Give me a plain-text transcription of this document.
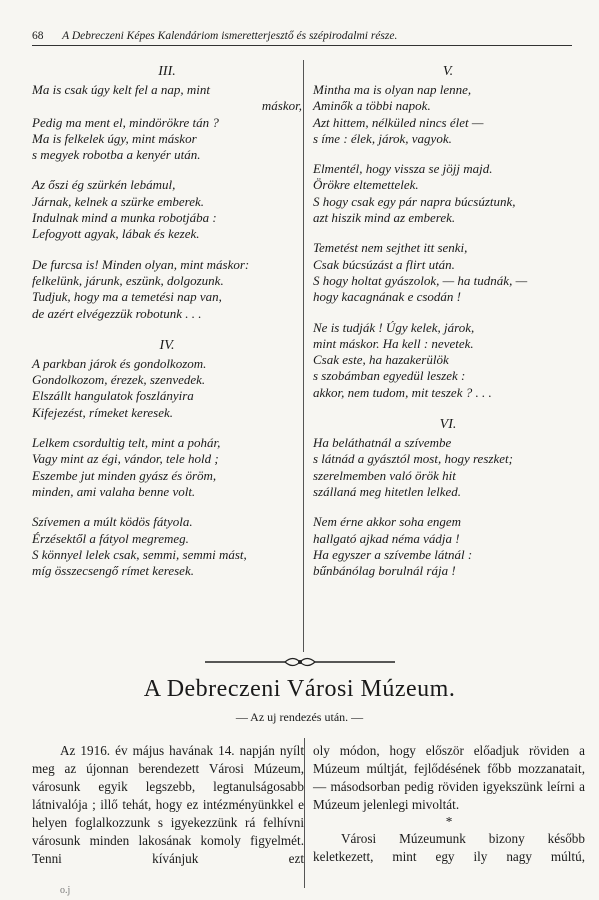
68 A Debreczeni Képes Kalendáriom ismeretterjesztő és szépirodalmi része.
III.
Ma is csak úgy kelt fel a nap, mint
máskor,
Pedig ma ment el, mindörökre tán ?
Ma is felkelek úgy, mint máskor
s megyek robotba a kenyér után.
Az őszi ég szürkén lebámul,
Járnak, kelnek a szürke emberek.
Indulnak mind a munka robotjába :
Lefogyott agyak, lábak és kezek.
De furcsa is! Minden olyan, mint máskor:
felkelünk, járunk, eszünk, dolgozunk.
Tudjuk, hogy ma a temetési nap van,
de azért elvégezzük robotunk . . .
IV.
A parkban járok és gondolkozom.
Gondolkozom, érezek, szenvedek.
Elszállt hangulatok foszlányira
Kifejezést, rímeket keresek.
Lelkem csordultig telt, mint a pohár,
Vagy mint az égi, vándor, tele hold ;
Eszembe jut minden gyász és öröm,
minden, ami valaha benne volt.
Szívemen a múlt ködös fátyola.
Érzésektől a fátyol megremeg.
S könnyel lelek csak, semmi, semmi mást,
míg összecsengő rímet keresek.
V.
Mintha ma is olyan nap lenne,
Aminők a többi napok.
Azt hittem, nélküled nincs élet —
s íme : élek, járok, vagyok.
Elmentél, hogy vissza se jöjj majd.
Örökre eltemettelek.
S hogy csak egy pár napra búcsúztunk,
azt hiszik mind az emberek.
Temetést nem sejthet itt senki,
Csak búcsúzást a flirt után.
S hogy holtat gyászolok, — ha tudnák, —
hogy kacagnának e csodán !
Ne is tudják ! Úgy kelek, járok,
mint máskor. Ha kell : nevetek.
Csak este, ha hazakerülök
s szobámban egyedül leszek :
akkor, nem tudom, mit teszek ? . . .
VI.
Ha beláthatnál a szívembe
s látnád a gyásztól most, hogy reszket;
szerelmemben való örök hit
szállaná meg hitetlen lelked.
Nem érne akkor soha engem
hallgató ajkad néma vádja !
Ha egyszer a szívembe látnál :
bűnbánólag borulnál rája !
A Debreczeni Városi Múzeum.
— Az uj rendezés után. —
Az 1916. év május havának 14. napján nyílt meg az újonnan berendezett Városi Múzeum, városunk egyik legszebb, legtanulságosabb látnivalója ; illő tehát, hogy ez intézményünkkel e helyen foglalkozzunk s igyekezzünk rá felhívni városunk minden lakosának komoly figyelmét. Tenni kívánjuk ezt
oly módon, hogy először előadjuk röviden a Múzeum múltját, fejlődésének főbb mozzanatait, — másodsorban pedig röviden igyekszünk leírni a Múzeum jelenlegi mivoltát.
*
Városi Múzeumunk bizony később keletkezett, mint egy ily nagy múltú,
o.j
